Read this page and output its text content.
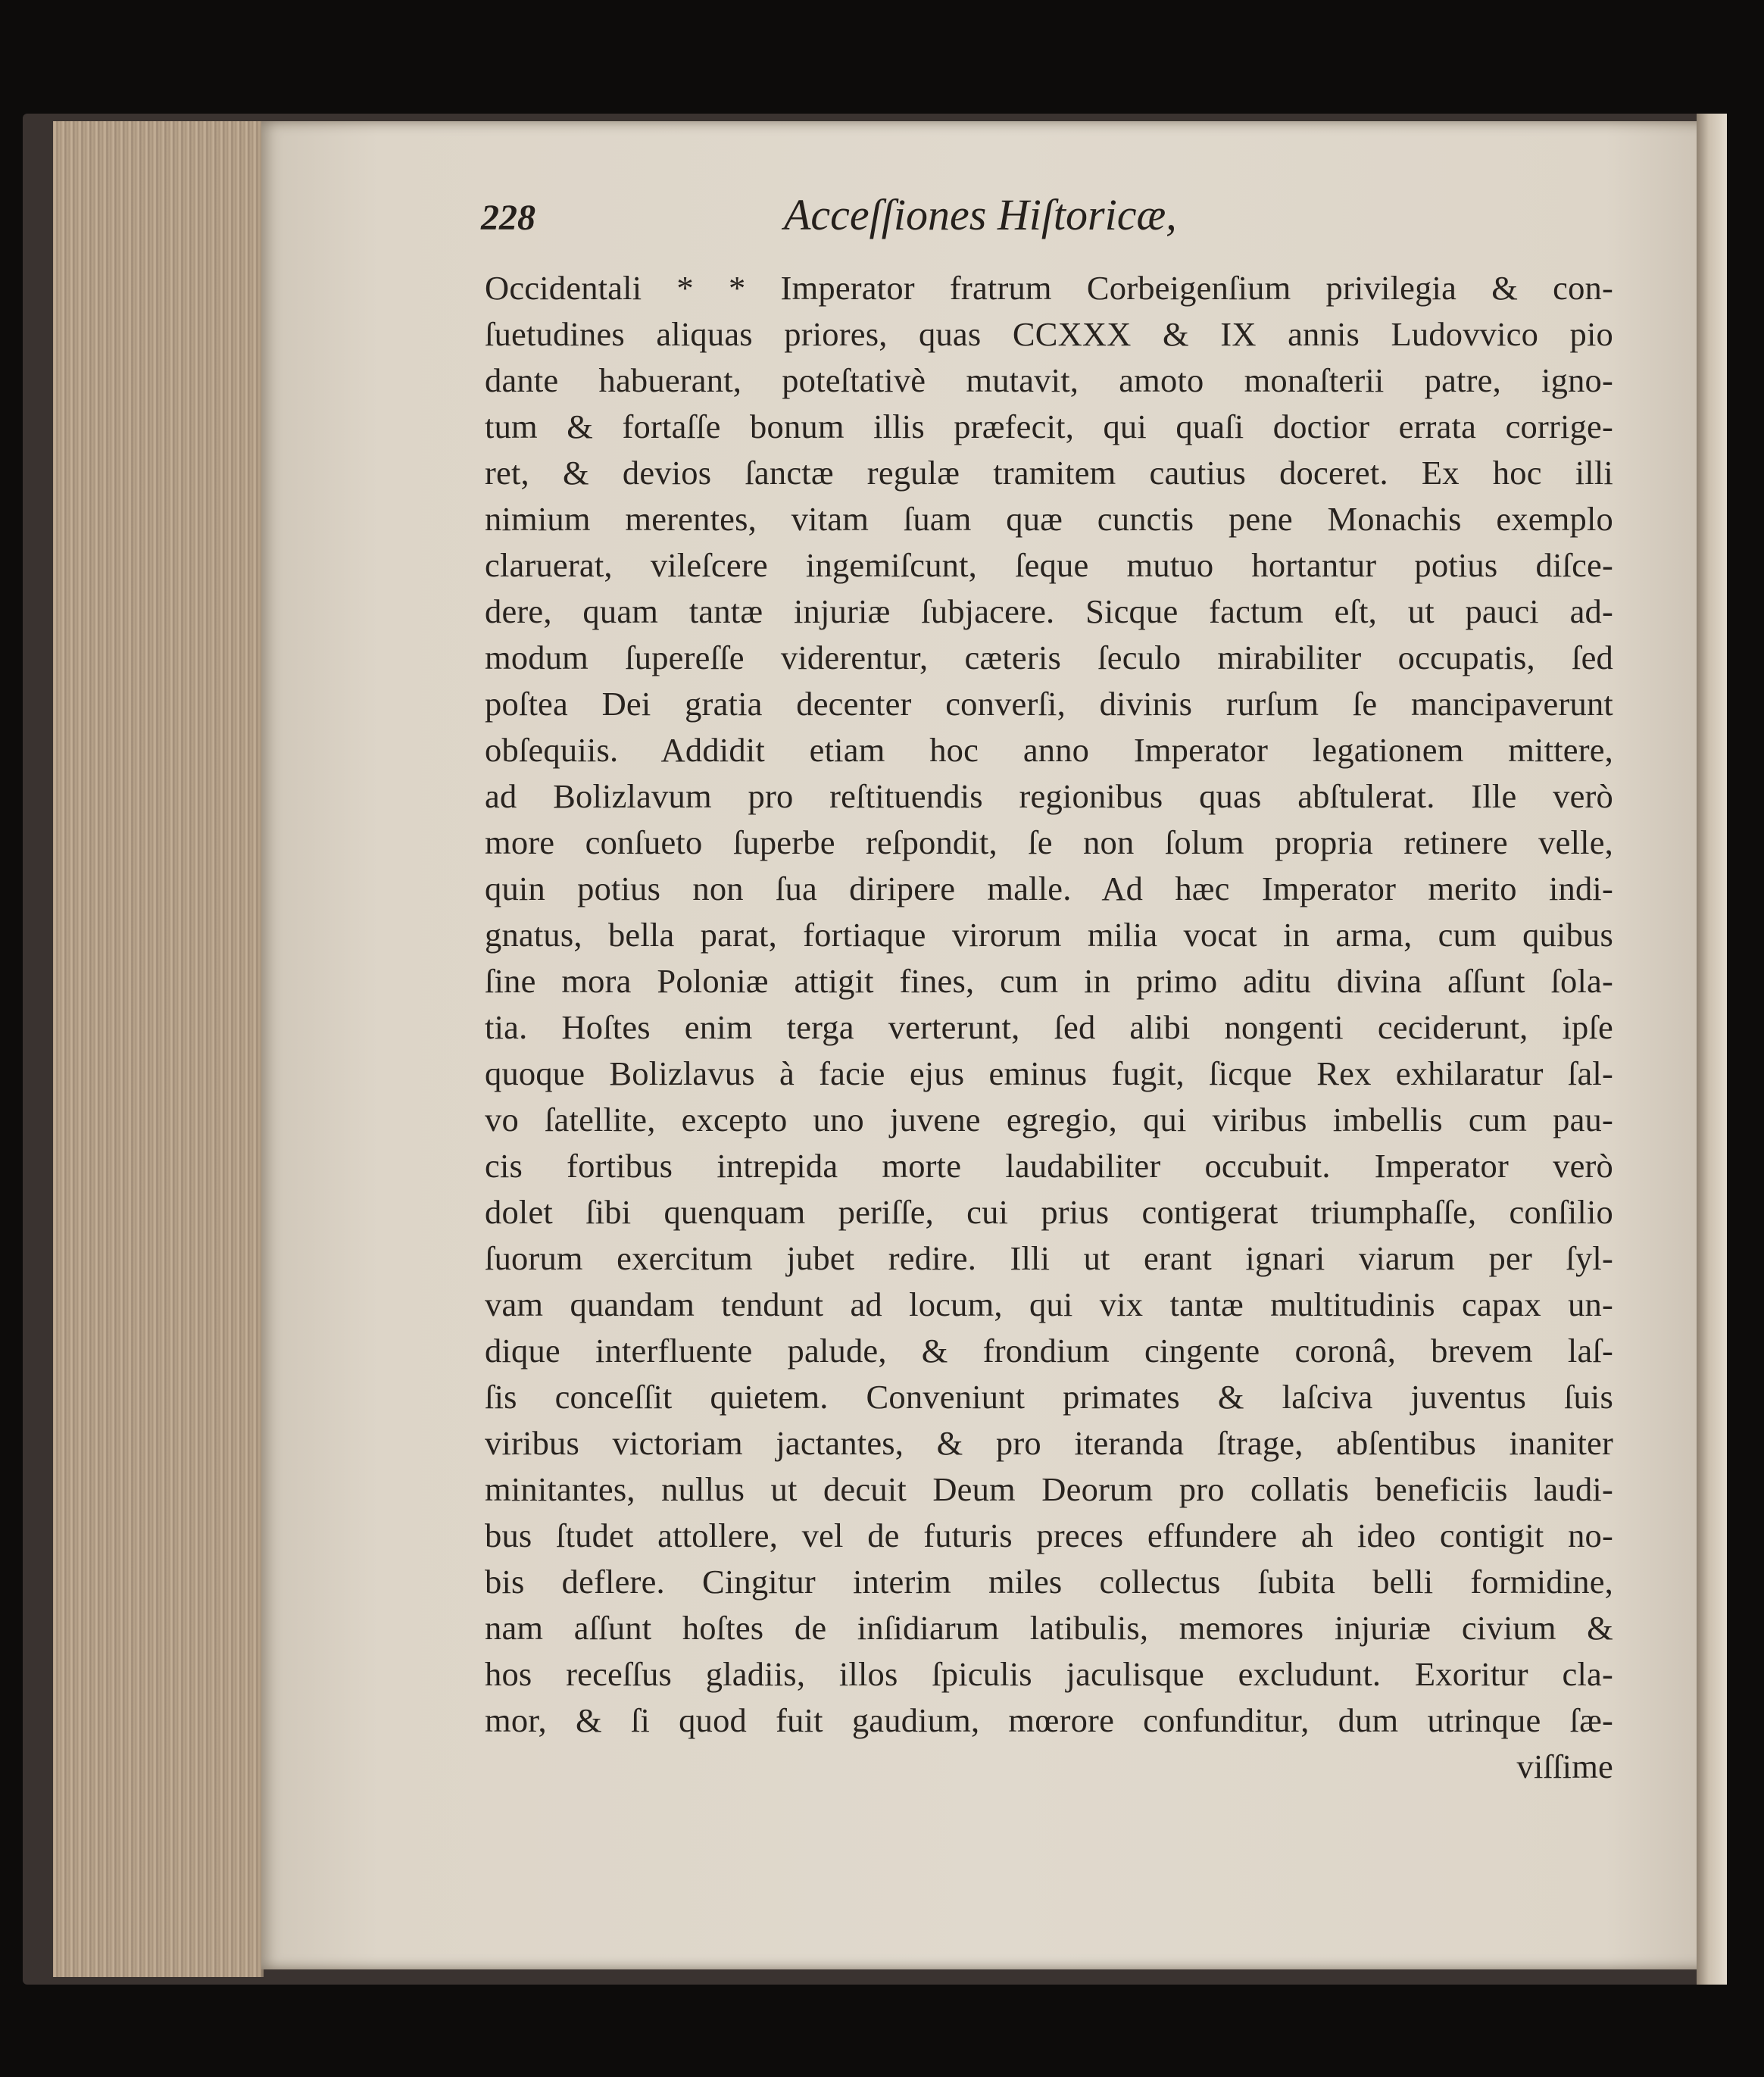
228	Acceſſiones Hiſtoricæ,
Occidentali * * Imperator fratrum Corbeigenſium privilegia & con-
ſuetudines aliquas priores, quas CCXXX & IX annis Ludovvico pio
dante habuerant, poteſtativè mutavit, amoto monaſterii patre, igno-
tum & fortaſſe bonum illis præfecit, qui quaſi doctior errata corrige-
ret, & devios ſanctæ regulæ tramitem cautius doceret. Ex hoc illi
nimium merentes, vitam ſuam quæ cunctis pene Monachis exemplo
claruerat, vileſcere ingemiſcunt, ſeque mutuo hortantur potius diſce-
dere, quam tantæ injuriæ ſubjacere. Sicque factum eſt, ut pauci ad-
modum ſupereſſe viderentur, cæteris ſeculo mirabiliter occupatis, ſed
poſtea Dei gratia decenter converſi, divinis rurſum ſe mancipaverunt
obſequiis. Addidit etiam hoc anno Imperator legationem mittere,
ad Bolizlavum pro reſtituendis regionibus quas abſtulerat. Ille verò
more conſueto ſuperbe reſpondit, ſe non ſolum propria retinere velle,
quin potius non ſua diripere malle. Ad hæc Imperator merito indi-
gnatus, bella parat, fortiaque virorum milia vocat in arma, cum quibus
ſine mora Poloniæ attigit fines, cum in primo aditu divina aſſunt ſola-
tia. Hoſtes enim terga verterunt, ſed alibi nongenti ceciderunt, ipſe
quoque Bolizlavus à facie ejus eminus fugit, ſicque Rex exhilaratur ſal-
vo ſatellite, excepto uno juvene egregio, qui viribus imbellis cum pau-
cis fortibus intrepida morte laudabiliter occubuit. Imperator verò
dolet ſibi quenquam periſſe, cui prius contigerat triumphaſſe, conſilio
ſuorum exercitum jubet redire. Illi ut erant ignari viarum per ſyl-
vam quandam tendunt ad locum, qui vix tantæ multitudinis capax un-
dique interfluente palude, & frondium cingente coronâ, brevem laſ-
ſis conceſſit quietem. Conveniunt primates & laſciva juventus ſuis
viribus victoriam jactantes, & pro iteranda ſtrage, abſentibus inaniter
minitantes, nullus ut decuit Deum Deorum pro collatis beneficiis laudi-
bus ſtudet attollere, vel de futuris preces effundere ah ideo contigit no-
bis deflere. Cingitur interim miles collectus ſubita belli formidine,
nam aſſunt hoſtes de inſidiarum latibulis, memores injuriæ civium &
hos receſſus gladiis, illos ſpiculis jaculisque excludunt. Exoritur cla-
mor, & ſi quod fuit gaudium, mœrore confunditur, dum utrinque ſæ-
viſſime
